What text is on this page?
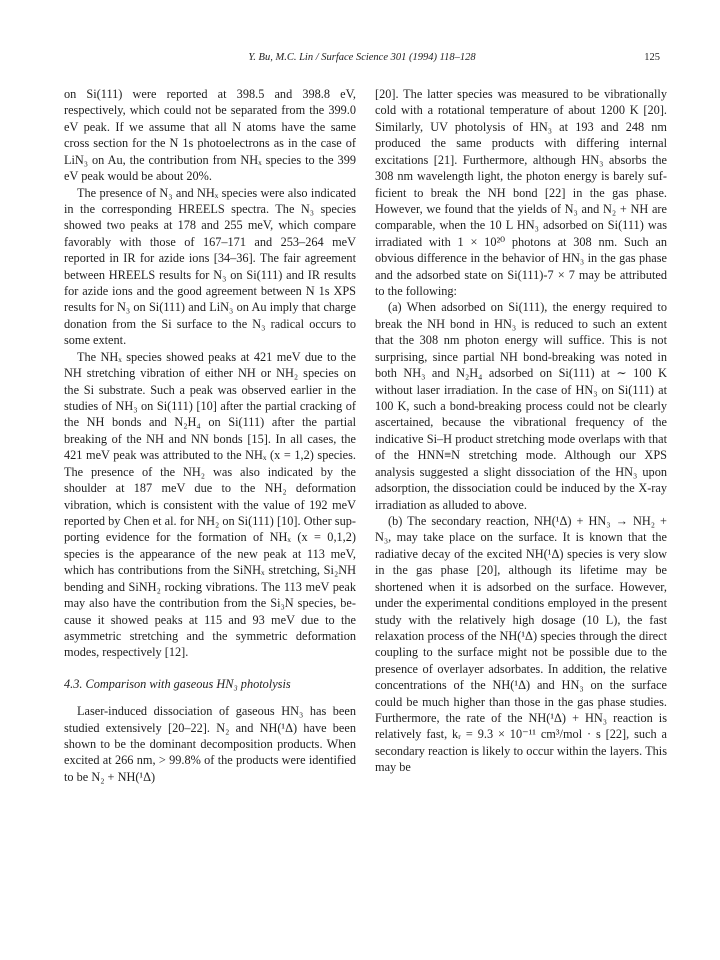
Y. Bu, M.C. Lin / Surface Science 301 (1994) 118–128	125

on Si(111) were reported at 398.5 and 398.8 eV, respectively, which could not be separated from the 399.0 eV peak. If we assume that all N atoms have the same cross section for the N 1s photoelectrons as in the case of LiN₃ on Au, the contribution from NHₓ species to the 399 eV peak would be about 20%.

The presence of N₃ and NHₓ species were also indicated in the corresponding HREELS spectra. The N₃ species showed two peaks at 178 and 255 meV, which compare favorably with those of 167–171 and 253–264 meV reported in IR for azide ions [34–36]. The fair agreement between HREELS results for N₃ on Si(111) and IR results for azide ions and the good agreement between N 1s XPS results for N₃ on Si(111) and LiN₃ on Au imply that charge donation from the Si surface to the N₃ radical occurs to some extent.

The NHₓ species showed peaks at 421 meV due to the NH stretching vibration of either NH or NH₂ species on the Si substrate. Such a peak was observed earlier in the studies of NH₃ on Si(111) [10] after the partial cracking of the NH bonds and N₂H₄ on Si(111) after the partial breaking of the NH and NN bonds [15]. In all cases, the 421 meV peak was attributed to the NHₓ (x = 1,2) species. The presence of the NH₂ was also indicated by the shoulder at 187 meV due to the NH₂ deformation vibration, which is consistent with the value of 192 meV reported by Chen et al. for NH₂ on Si(111) [10]. Other supporting evidence for the formation of NHₓ (x = 0,1,2) species is the appearance of the new peak at 113 meV, which has contributions from the SiNHₓ stretching, Si₂NH bending and SiNH₂ rocking vibrations. The 113 meV peak may also have the contribution from the Si₃N species, because it showed peaks at 115 and 93 meV due to the asymmetric stretching and the symmetric deformation modes, respectively [12].

4.3. Comparison with gaseous HN₃ photolysis

Laser-induced dissociation of gaseous HN₃ has been studied extensively [20–22]. N₂ and NH(¹Δ) have been shown to be the dominant decomposition products. When excited at 266 nm, > 99.8% of the products were identified to be N₂ + NH(¹Δ)

[20]. The latter species was measured to be vibrationally cold with a rotational temperature of about 1200 K [20]. Similarly, UV photolysis of HN₃ at 193 and 248 nm produced the same products with differing internal excitations [21]. Furthermore, although HN₃ absorbs the 308 nm wavelength light, the photon energy is barely sufficient to break the NH bond [22] in the gas phase. However, we found that the yields of N₃ and N₂ + NH are comparable, when the 10 L HN₃ adsorbed on Si(111) was irradiated with 1 × 10²⁰ photons at 308 nm. Such an obvious difference in the behavior of HN₃ in the gas phase and the adsorbed state on Si(111)-7 × 7 may be attributed to the following:

(a) When adsorbed on Si(111), the energy required to break the NH bond in HN₃ is reduced to such an extent that the 308 nm photon energy will suffice. This is not surprising, since partial NH bond-breaking was noted in both NH₃ and N₂H₄ adsorbed on Si(111) at ∼ 100 K without laser irradiation. In the case of HN₃ on Si(111) at 100 K, such a bond-breaking process could not be clearly ascertained, because the vibrational frequency of the indicative Si–H product stretching mode overlaps with that of the HNN≡N stretching mode. Although our XPS analysis suggested a slight dissociation of the HN₃ upon adsorption, the dissociation could be induced by the X-ray irradiation as alluded to above.

(b) The secondary reaction, NH(¹Δ) + HN₃ → NH₂ + N₃, may take place on the surface. It is known that the radiative decay of the excited NH(¹Δ) species is very slow in the gas phase [20], although its lifetime may be shortened when it is adsorbed on the surface. However, under the experimental conditions employed in the present study with the relatively high dosage (10 L), the fast relaxation process of the NH(¹Δ) species through the direct coupling to the surface might not be possible due to the presence of overlayer adsorbates. In addition, the relative concentrations of the NH(¹Δ) and HN₃ on the surface could be much higher than those in the gas phase studies. Furthermore, the rate of the NH(¹Δ) + HN₃ reaction is relatively fast, kᵣ = 9.3 × 10⁻¹¹ cm³/mol · s [22], such a secondary reaction is likely to occur within the layers. This may be
